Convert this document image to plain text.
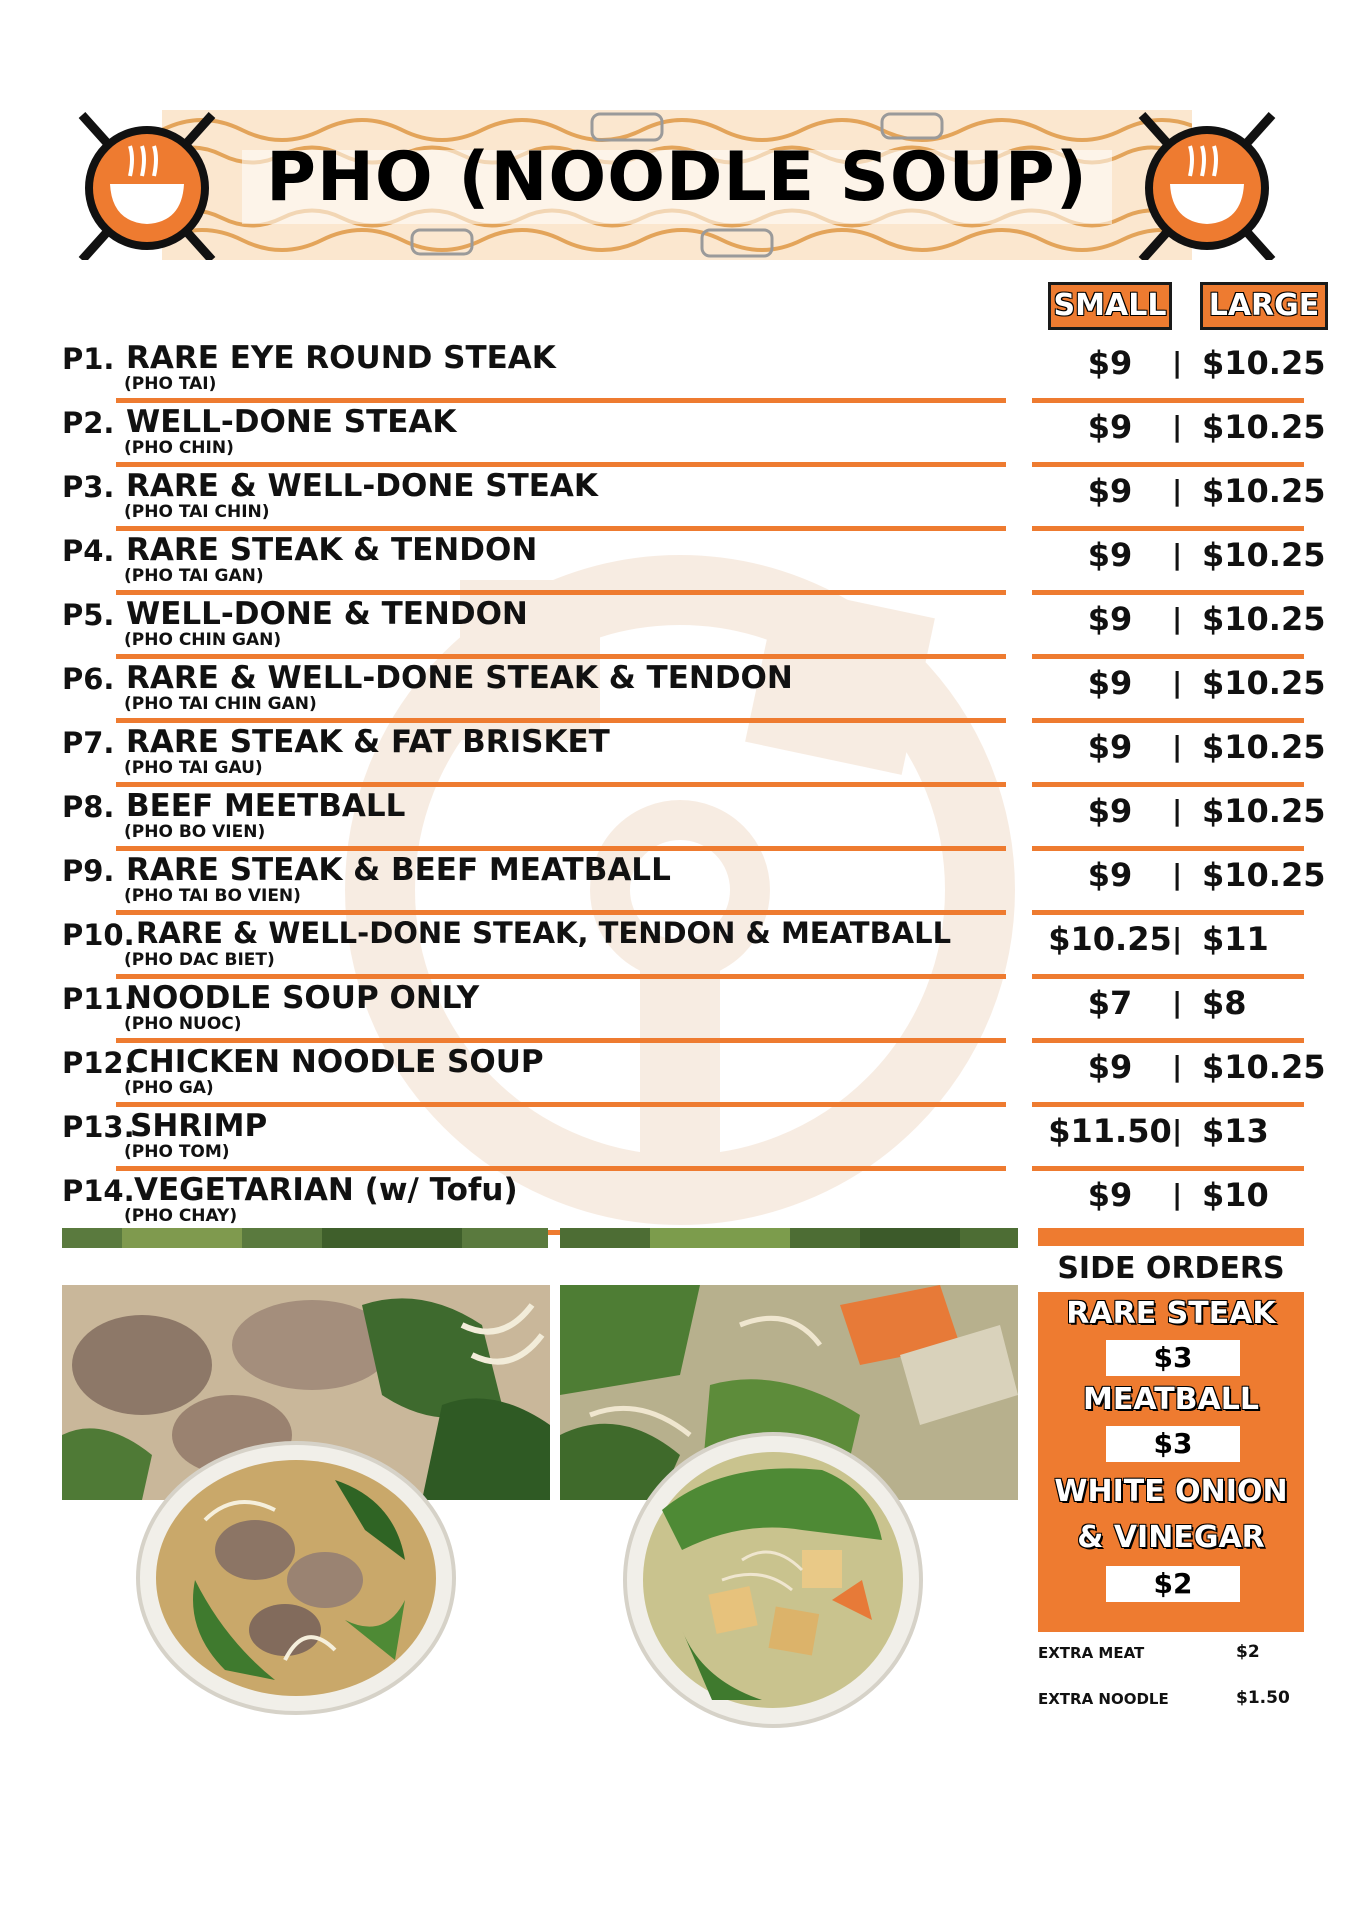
PHO (NOODLE SOUP)
SMALL LARGE
P1. RARE EYE ROUND STEAK
(PHO TAI)
$9	| $10.25
P2. WELL-DONE STEAK
(PHO CHIN)
$9	| $10.25
P3. RARE & WELL-DONE STEAK
(PHO TAI CHIN)
$9	| $10.25
P4. RARE STEAK & TENDON
(PHO TAI GAN)
$9	| $10.25
P5. WELL-DONE & TENDON
(PHO CHIN GAN)
$9	| $10.25
P6. RARE & WELL-DONE STEAK & TENDON
(PHO TAI CHIN GAN)
$9	| $10.25
P7. RARE STEAK & FAT BRISKET
(PHO TAI GAU)
$9	| $10.25
P8. BEEF MEETBALL
(PHO BO VIEN)
$9	| $10.25
P9. RARE STEAK & BEEF MEATBALL
(PHO TAI BO VIEN)
$9	| $10.25
P10. RARE & WELL-DONE STEAK, TENDON & MEATBALL
(PHO DAC BIET)
$10.25 | $11
P11.
NOODLE SOUP ONLY
(PHO NUOC)
$7	| $8
P12.
CHICKEN NOODLE SOUP
(PHO GA)
$9	| $10.25
P13.
SHRIMP
(PHO TOM)
$11.50 | $13
P14. VEGETARIAN (w/ Tofu)
(PHO CHAY)
$9	| $10
SIDE ORDERS
RARE STEAK
$3
MEATBALL
$3
WHITE ONION
& VINEGAR
$2
EXTRA MEAT	$2
EXTRA NOODLE	$1.50
